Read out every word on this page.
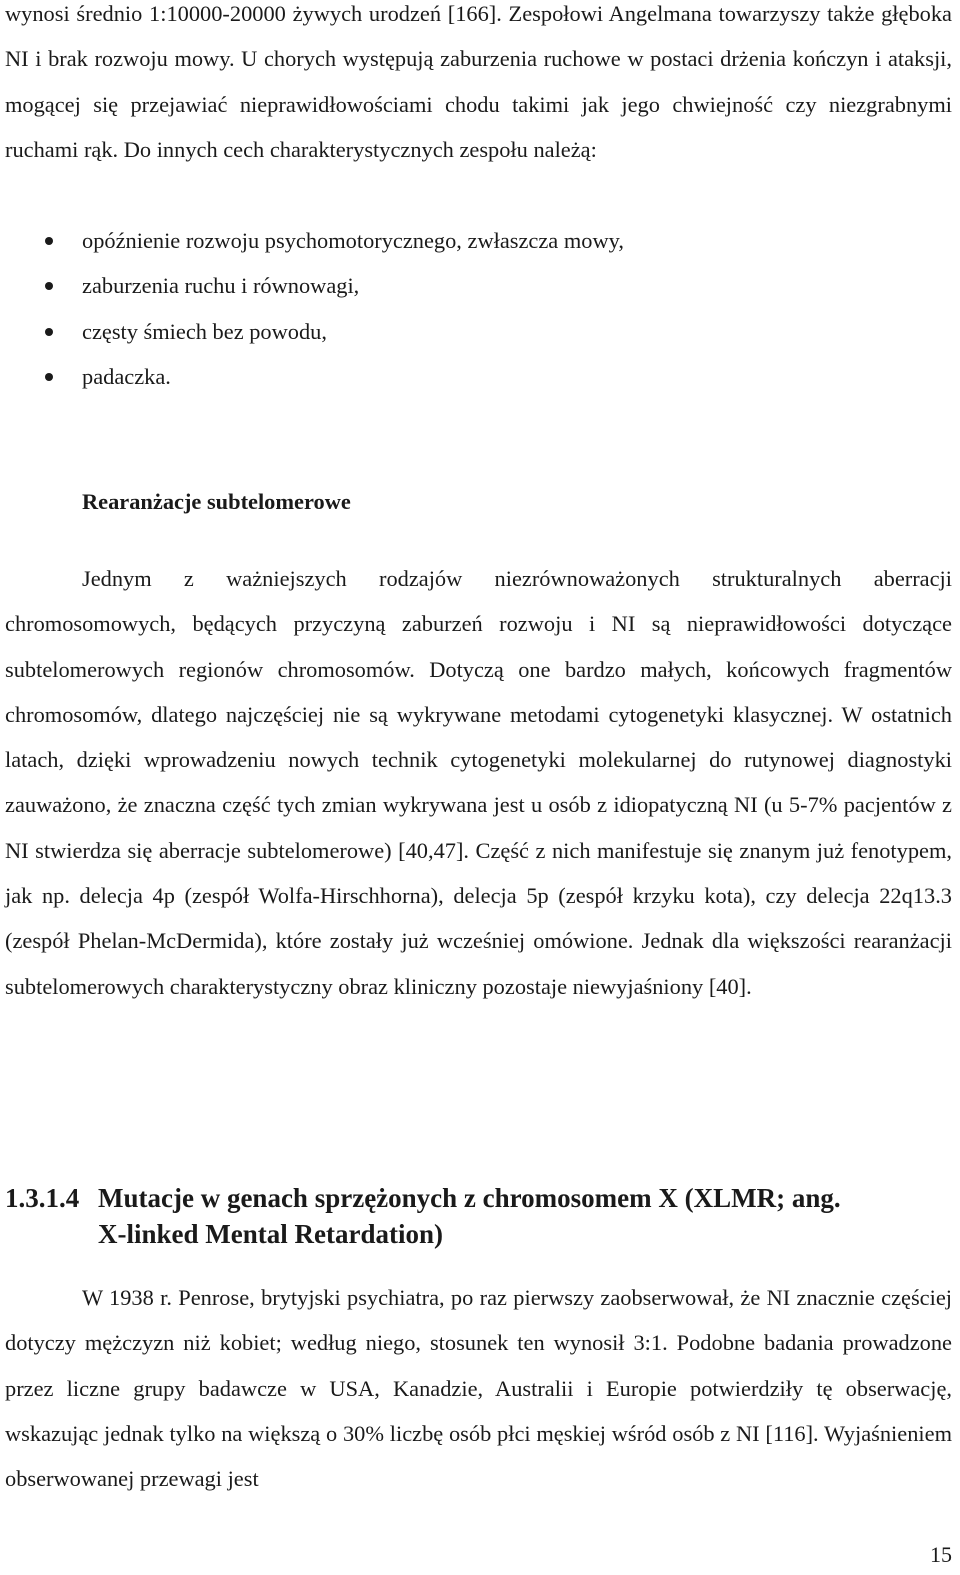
wynosi średnio 1:10000-20000 żywych urodzeń [166]. Zespołowi Angelmana towarzyszy także głęboka NI i brak rozwoju mowy. U chorych występują zaburzenia ruchowe w postaci drżenia kończyn i ataksji, mogącej się przejawiać nieprawidłowościami chodu takimi jak jego chwiejność czy niezgrabnymi ruchami rąk. Do innych cech charakterystycznych zespołu należą:

opóźnienie rozwoju psychomotorycznego, zwłaszcza mowy,
zaburzenia ruchu i równowagi,
częsty śmiech bez powodu,
padaczka.
Rearanżacje subtelomerowe

Jednym z ważniejszych rodzajów niezrównoważonych strukturalnych aberracji chromosomowych, będących przyczyną zaburzeń rozwoju i NI są nieprawidłowości dotyczące subtelomerowych regionów chromosomów. Dotyczą one bardzo małych, końcowych fragmentów chromosomów, dlatego najczęściej nie są wykrywane metodami cytogenetyki klasycznej. W ostatnich latach, dzięki wprowadzeniu nowych technik cytogenetyki molekularnej do rutynowej diagnostyki zauważono, że znaczna część tych zmian wykrywana jest u osób z idiopatyczną NI (u 5-7% pacjentów z NI stwierdza się aberracje subtelomerowe) [40,47]. Część z nich manifestuje się znanym już fenotypem, jak np. delecja 4p (zespół Wolfa-Hirschhorna), delecja 5p (zespół krzyku kota), czy delecja 22q13.3 (zespół Phelan-McDermida), które zostały już wcześniej omówione. Jednak dla większości rearanżacji subtelomerowych charakterystyczny obraz kliniczny pozostaje niewyjaśniony [40].

1.3.1.4 Mutacje w genach sprzężonych z chromosomem X (XLMR; ang.
X-linked Mental Retardation)

W 1938 r. Penrose, brytyjski psychiatra, po raz pierwszy zaobserwował, że NI znacznie częściej dotyczy mężczyzn niż kobiet; według niego, stosunek ten wynosił 3:1. Podobne badania prowadzone przez liczne grupy badawcze w USA, Kanadzie, Australii i Europie potwierdziły tę obserwację, wskazując jednak tylko na większą o 30% liczbę osób płci męskiej wśród osób z NI [116]. Wyjaśnieniem obserwowanej przewagi jest

15
